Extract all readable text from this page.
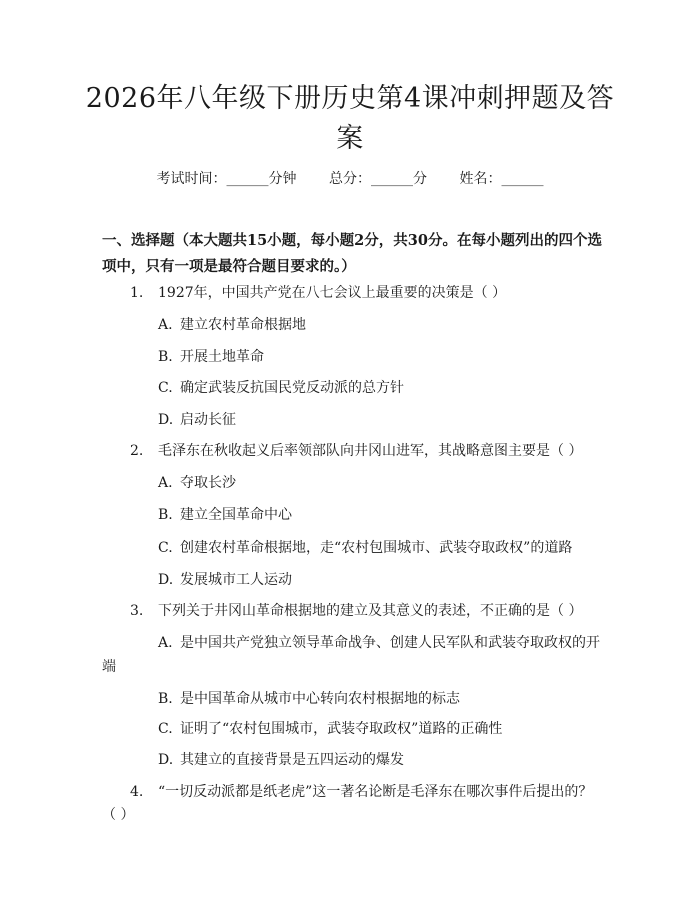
2026年八年级下册历史第4课冲刺押题及答
案
考试时间：______分钟 总分：______分 姓名：______
一、选择题（本大题共15小题，每小题2分，共30分。在每小题列出的四个选
项中，只有一项是最符合题目要求的。）
1. 1927年，中国共产党在八七会议上最重要的决策是（ ）
A. 建立农村革命根据地
B. 开展土地革命
C. 确定武装反抗国民党反动派的总方针
D. 启动长征
2. 毛泽东在秋收起义后率领部队向井冈山进军，其战略意图主要是（ ）
A. 夺取长沙
B. 建立全国革命中心
C. 创建农村革命根据地，走“农村包围城市、武装夺取政权”的道路
D. 发展城市工人运动
3. 下列关于井冈山革命根据地的建立及其意义的表述，不正确的是（ ）
A. 是中国共产党独立领导革命战争、创建人民军队和武装夺取政权的开
端
B. 是中国革命从城市中心转向农村根据地的标志
C. 证明了“农村包围城市，武装夺取政权”道路的正确性
D. 其建立的直接背景是五四运动的爆发
4. “一切反动派都是纸老虎”这一著名论断是毛泽东在哪次事件后提出的？
（ ）
